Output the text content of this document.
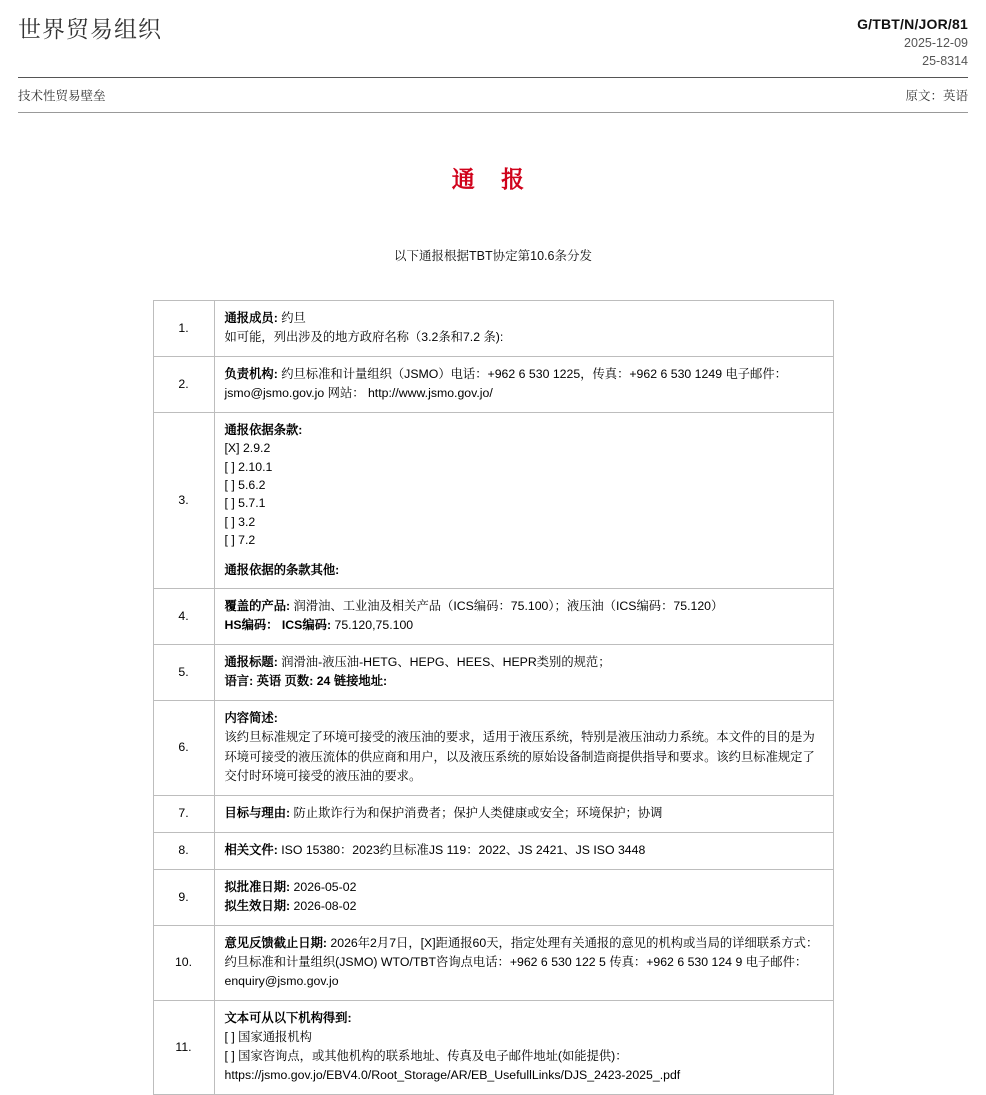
世界贸易组织	G/TBT/N/JOR/81
2025-12-09
25-8314
技术性贸易壁垒	原文：英语
通 报
以下通报根据TBT协定第10.6条分发
1.	通报成员: 约旦
如可能，列出涉及的地方政府名称（3.2条和7.2 条):

2.	负责机构: 约旦标准和计量组织（JSMO）电话：+962 6 530 1225，传真：+962 6 530 1249 电子邮件：jsmo@jsmo.gov.jo 网站： http://www.jsmo.gov.jo/

3.	
通报依据条款:
[X] 2.9.2
[ ] 2.10.1
[ ] 5.6.2
[ ] 5.7.1
[ ] 3.2
[ ] 7.2
通报依据的条款其他:

4.	覆盖的产品: 润滑油、工业油及相关产品（ICS编码：75.100）；液压油（ICS编码：75.120）
HS编码： ICS编码: 75.120,75.100

5.	通报标题: 润滑油-液压油-HETG、HEPG、HEES、HEPR类别的规范；
语言: 英语 页数: 24 链接地址:

6.	内容简述:
该约旦标准规定了环境可接受的液压油的要求，适用于液压系统，特别是液压油动力系统。本文件的目的是为环境可接受的液压流体的供应商和用户，以及液压系统的原始设备制造商提供指导和要求。该约旦标准规定了交付时环境可接受的液压油的要求。

7.	目标与理由: 防止欺诈行为和保护消费者；保护人类健康或安全；环境保护；协调

8.	相关文件: ISO 15380：2023约旦标准JS 119：2022、JS 2421、JS ISO 3448

9.	拟批准日期: 2026-05-02
拟生效日期: 2026-08-02

10.	意见反馈截止日期: 2026年2月7日，[X]距通报60天，指定处理有关通报的意见的机构或当局的详细联系方式：约旦标准和计量组织(JSMO) WTO/TBT咨询点电话：+962 6 530 122 5 传真：+962 6 530 124 9 电子邮件：enquiry@jsmo.gov.jo

11.	文本可从以下机构得到:
[ ] 国家通报机构
[ ] 国家咨询点，或其他机构的联系地址、传真及电子邮件地址(如能提供)：
https://jsmo.gov.jo/EBV4.0/Root_Storage/AR/EB_UsefullLinks/DJS_2423-2025_.pdf
